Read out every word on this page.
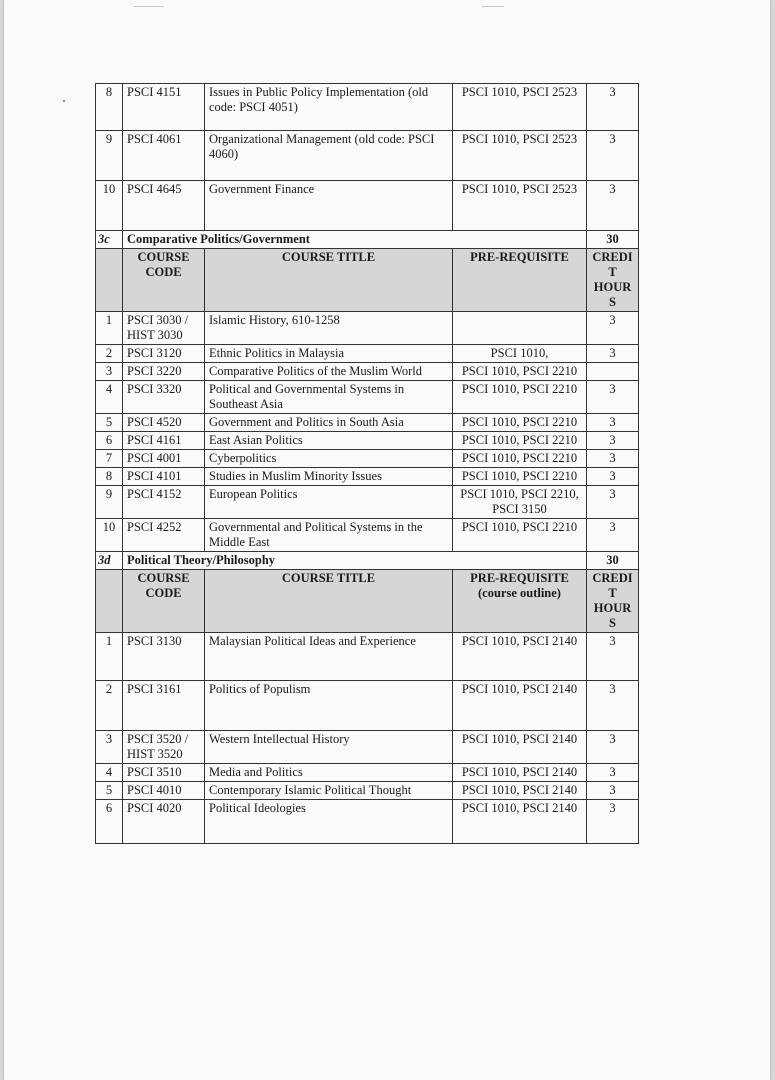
8	PSCI 4151	Issues in Public Policy Implementation (old code: PSCI 4051)	PSCI 1010, PSCI 2523	3
9	PSCI 4061	Organizational Management (old code: PSCI 4060)	PSCI 1010, PSCI 2523	3
10	PSCI 4645	Government Finance	PSCI 1010, PSCI 2523	3
3c	Comparative Politics/Government			30
	COURSE CODE	COURSE TITLE	PRE-REQUISITE	CREDIT HOURS
1	PSCI 3030 / HIST 3030	Islamic History, 610-1258		3
2	PSCI 3120	Ethnic Politics in Malaysia	PSCI 1010,	3
3	PSCI 3220	Comparative Politics of the Muslim World	PSCI 1010, PSCI 2210	
4	PSCI 3320	Political and Governmental Systems in Southeast Asia	PSCI 1010, PSCI 2210	3
5	PSCI 4520	Government and Politics in South Asia	PSCI 1010, PSCI 2210	3
6	PSCI 4161	East Asian Politics	PSCI 1010, PSCI 2210	3
7	PSCI 4001	Cyberpolitics	PSCI 1010, PSCI 2210	3
8	PSCI 4101	Studies in Muslim Minority Issues	PSCI 1010, PSCI 2210	3
9	PSCI 4152	European Politics	PSCI 1010, PSCI 2210, PSCI 3150	3
10	PSCI 4252	Governmental and Political Systems in the Middle East	PSCI 1010, PSCI 2210	3
3d	Political Theory/Philosophy			30
	COURSE CODE	COURSE TITLE	PRE-REQUISITE (course outline)	CREDIT HOURS
1	PSCI 3130	Malaysian Political Ideas and Experience	PSCI 1010, PSCI 2140	3
2	PSCI 3161	Politics of Populism	PSCI 1010, PSCI 2140	3
3	PSCI 3520 / HIST 3520	Western Intellectual History	PSCI 1010, PSCI 2140	3
4	PSCI 3510	Media and Politics	PSCI 1010, PSCI 2140	3
5	PSCI 4010	Contemporary Islamic Political Thought	PSCI 1010, PSCI 2140	3
6	PSCI 4020	Political Ideologies	PSCI 1010, PSCI 2140	3
